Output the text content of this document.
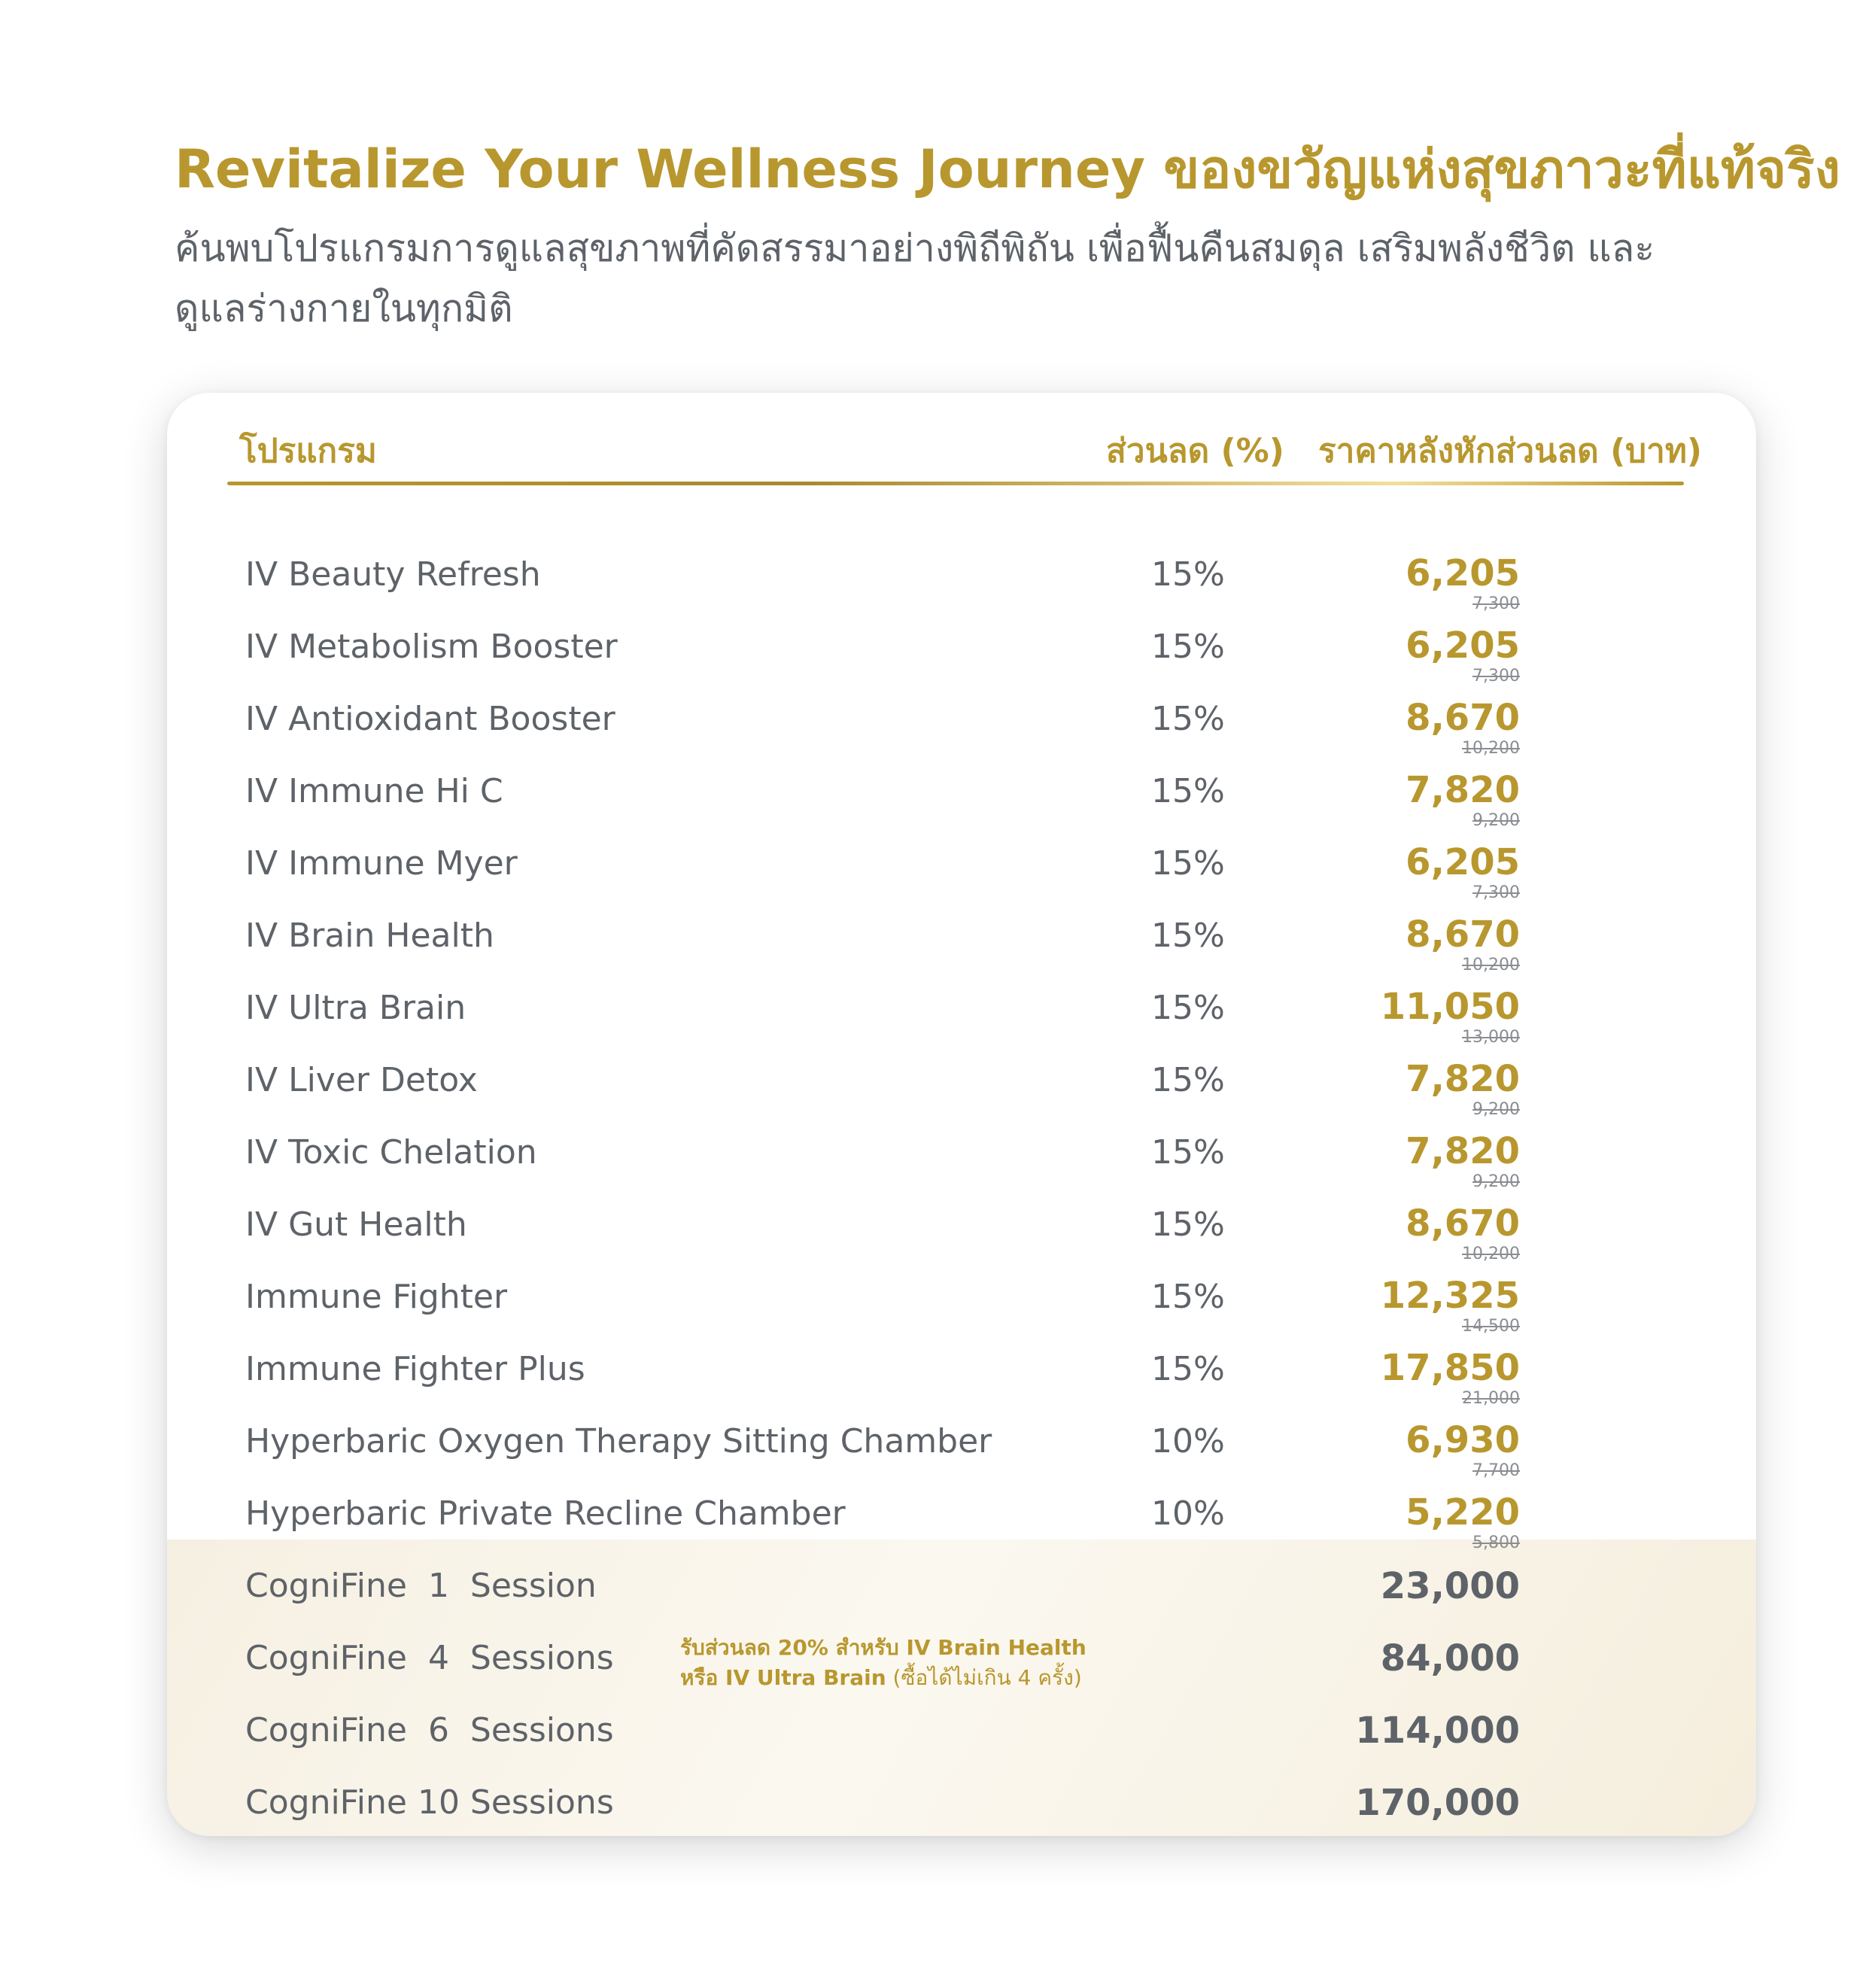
Revitalize Your Wellness Journey ของขวัญแห่งสุขภาวะที่แท้จริง

ค้นพบโปรแกรมการดูแลสุขภาพที่คัดสรรมาอย่างพิถีพิถัน เพื่อฟื้นคืนสมดุล เสริมพลังชีวิต และดูแลร่างกายในทุกมิติ

โปรแกรม	ส่วนลด (%) ราคาหลังหักส่วนลด (บาท)
IV Beauty Refresh	15%	6,205
7,300
IV Metabolism Booster	15%	6,205
7,300
IV Antioxidant Booster	15%	8,670
10,200
IV Immune Hi C	15%	7,820
9,200
IV Immune Myer	15%	6,205
7,300
IV Brain Health	15%	8,670
10,200
IV Ultra Brain	15%	11,050
13,000
IV Liver Detox	15%	7,820
9,200
IV Toxic Chelation	15%	7,820
9,200
IV Gut Health	15%	8,670
10,200
Immune Fighter	15%	12,325
14,500
Immune Fighter Plus	15%	17,850
21,000
Hyperbaric Oxygen Therapy Sitting Chamber	10%	6,930
7,700
Hyperbaric Private Recline Chamber	10%	5,220
5,800
CogniFine  1  Session	23,000
CogniFine  4  Sessions	84,000
CogniFine  6  Sessions	114,000
CogniFine 10 Sessions	170,000
รับส่วนลด 20% สำหรับ IV Brain Health
หรือ IV Ultra Brain (ซื้อได้ไม่เกิน 4 ครั้ง)
